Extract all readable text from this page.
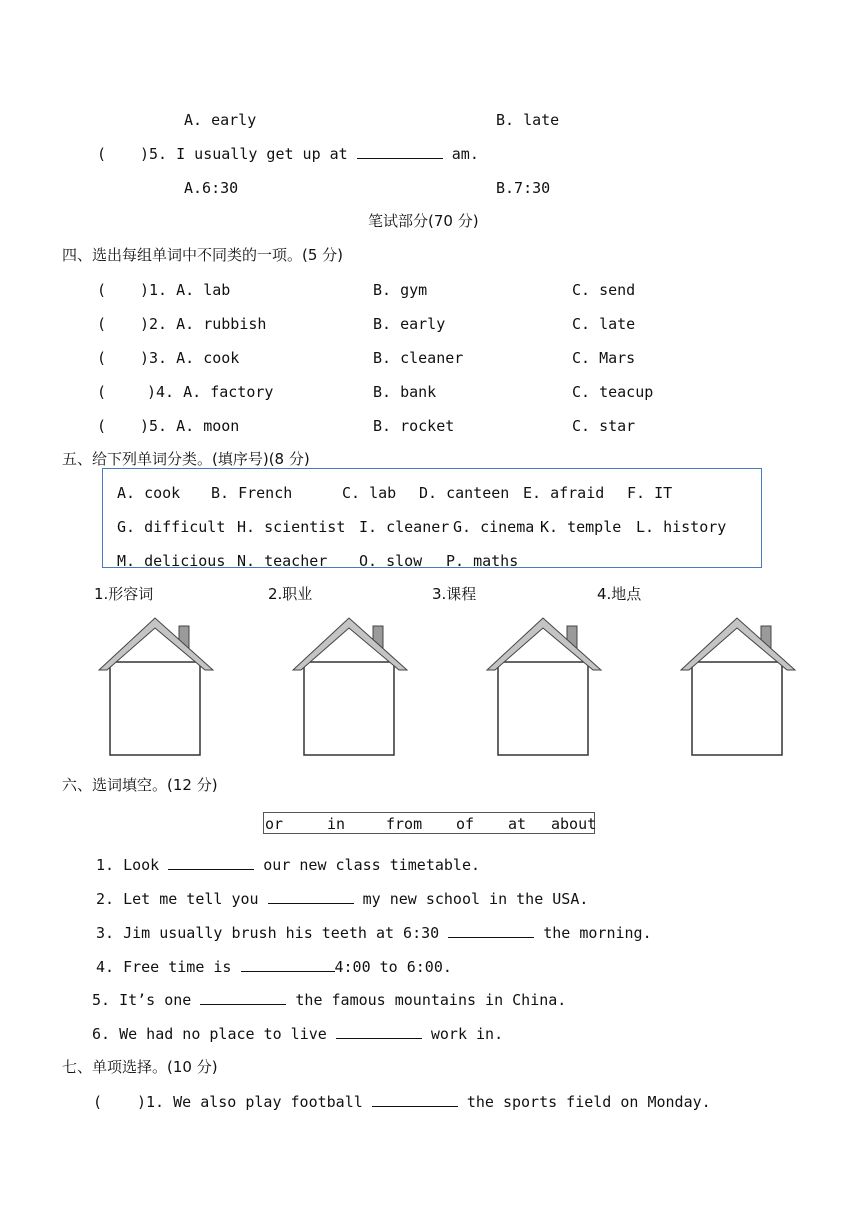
A. early	B. late
( )5. I usually get up at	am.
A.6:30	B.7:30
笔试部分(70 分)
四、选出每组单词中不同类的一项。(5 分)
( )1. A. lab	B. gym	C. send
( )2. A. rubbish	B. early	C. late
( )3. A. cook	B. cleaner	C. Mars
(	)4. A. factory	B. bank	C. teacup
( )5. A. moon	B. rocket	C. star
五、给下列单词分类。(填序号)(8 分)
A. cook B. French	C. lab D. canteen E. afraid F. IT
G. difficult H. scientist I. cleaner G. cinema K. temple L. history
M. delicious N. teacher O. slow P. maths
1.形容词	2.职业	3.课程	4.地点
六、选词填空。(12 分)
or	in	from of at about
1. Look	our new class timetable.
2. Let me tell you	my new school in the USA.
3. Jim usually brush his teeth at 6:30	the morning.
4. Free time is	4:00 to 6:00.
5. It’s one	the famous mountains in China.
6. We had no place to live	work in.
七、单项选择。(10 分)
( )1. We also play football	the sports field on Monday.
